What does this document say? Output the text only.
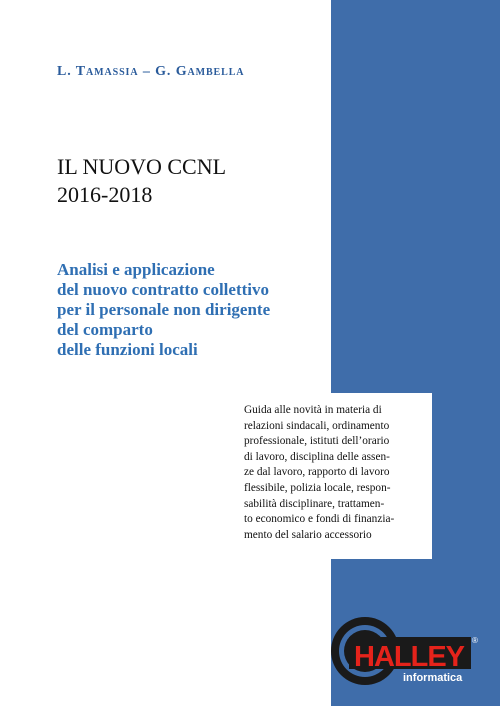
L. Tamassia – G. Gambella
IL NUOVO CCNL
2016-2018
Analisi e applicazione
del nuovo contratto collettivo
per il personale non dirigente
del comparto
delle funzioni locali
Guida alle novità in materia di
relazioni sindacali, ordinamento
professionale, istituti dell’orario
di lavoro, disciplina delle assen-
ze dal lavoro, rapporto di lavoro
flessibile, polizia locale, respon-
sabilità disciplinare, trattamen-
to economico e fondi di finanzia-
mento del salario accessorio
HALLEY
®
informatica
